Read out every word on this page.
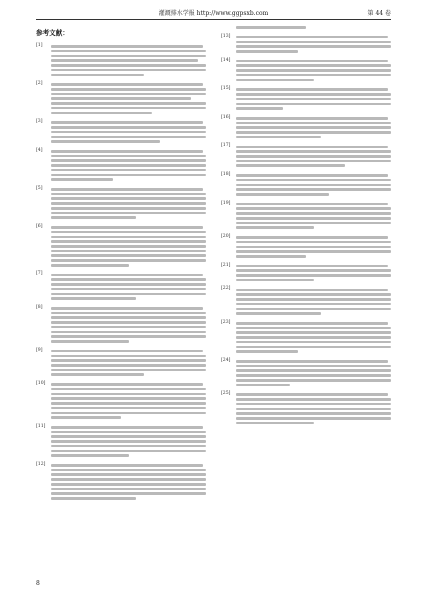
灌溉排水学报 http://www.ggpsxb.com	第 44 卷
参考文献：
[1]
[2]
[3]
[4]
[5]
[6]
[7]
[8]
[9]
[10]
[11]
[12]
[13]
[14]
[15]
[16]
[17]
[18]
[19]
[20]
[21]
[22]
[23]
[24]
[25]
8
